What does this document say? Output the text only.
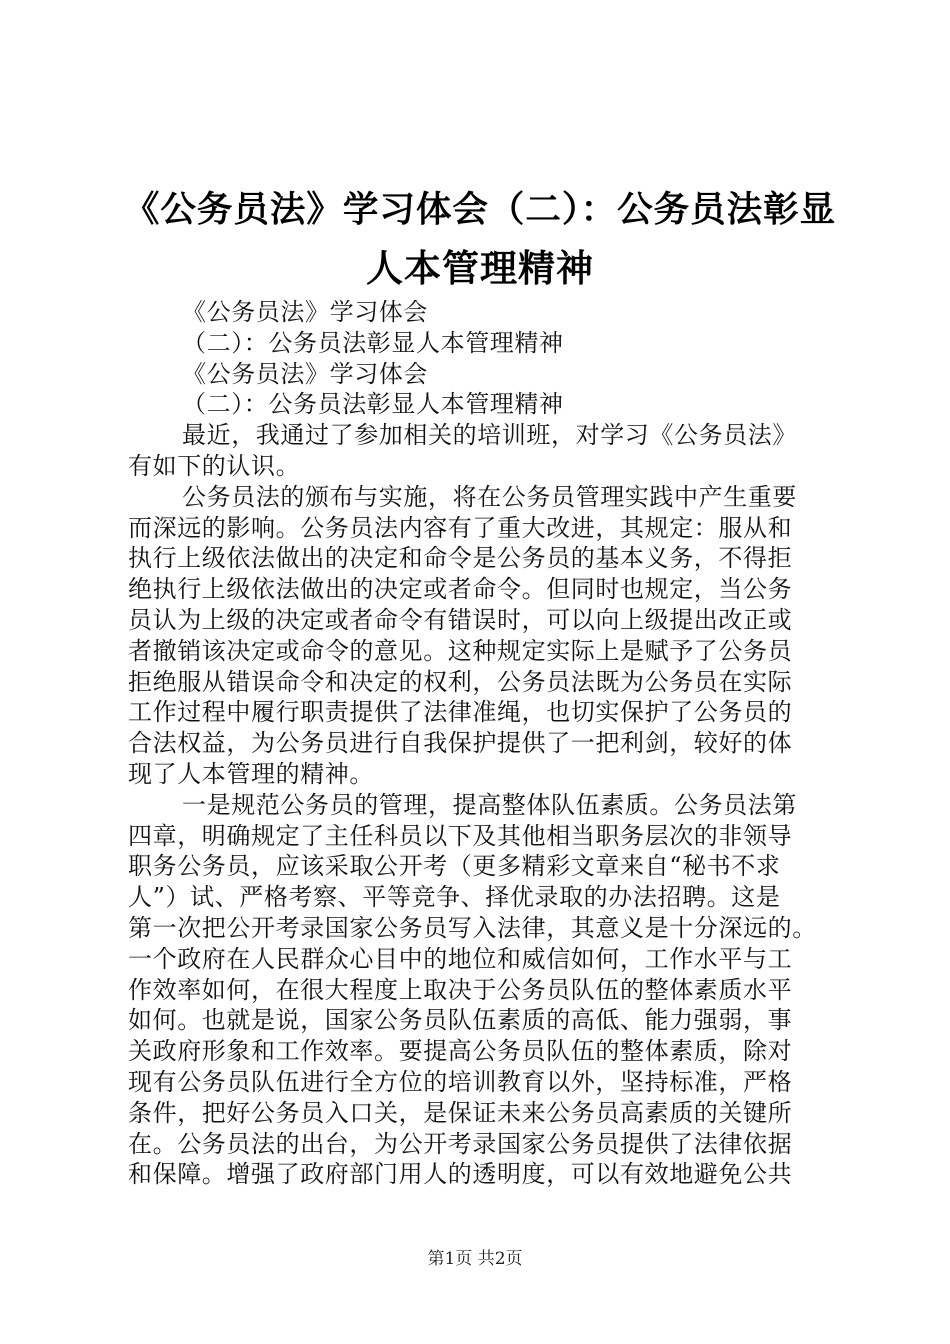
《公务员法》学习体会（二）：公务员法彰显
人本管理精神
《公务员法》学习体会
（二）：公务员法彰显人本管理精神
《公务员法》学习体会
（二）：公务员法彰显人本管理精神
最近，我通过了参加相关的培训班，对学习《公务员法》
有如下的认识。
公务员法的颁布与实施，将在公务员管理实践中产生重要
而深远的影响。公务员法内容有了重大改进，其规定：服从和
执行上级依法做出的决定和命令是公务员的基本义务，不得拒
绝执行上级依法做出的决定或者命令。但同时也规定，当公务
员认为上级的决定或者命令有错误时，可以向上级提出改正或
者撤销该决定或命令的意见。这种规定实际上是赋予了公务员
拒绝服从错误命令和决定的权利，公务员法既为公务员在实际
工作过程中履行职责提供了法律准绳，也切实保护了公务员的
合法权益，为公务员进行自我保护提供了一把利剑，较好的体
现了人本管理的精神。
一是规范公务员的管理，提高整体队伍素质。公务员法第
四章，明确规定了主任科员以下及其他相当职务层次的非领导
职务公务员，应该采取公开考（更多精彩文章来自“秘书不求
人”）试、严格考察、平等竞争、择优录取的办法招聘。这是
第一次把公开考录国家公务员写入法律，其意义是十分深远的。
一个政府在人民群众心目中的地位和威信如何，工作水平与工
作效率如何，在很大程度上取决于公务员队伍的整体素质水平
如何。也就是说，国家公务员队伍素质的高低、能力强弱，事
关政府形象和工作效率。要提高公务员队伍的整体素质，除对
现有公务员队伍进行全方位的培训教育以外，坚持标准，严格
条件，把好公务员入口关，是保证未来公务员高素质的关键所
在。公务员法的出台，为公开考录国家公务员提供了法律依据
和保障。增强了政府部门用人的透明度，可以有效地避免公共
第1页 共2页
